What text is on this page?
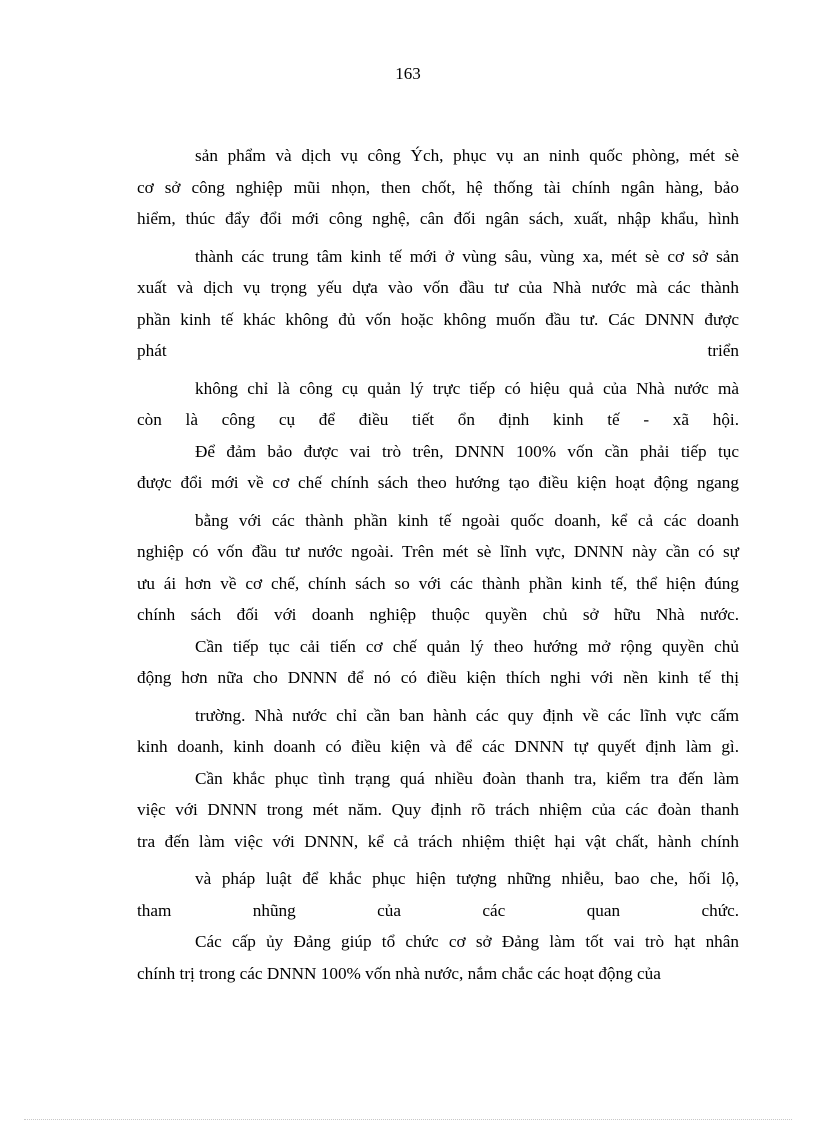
163
sản phẩm và dịch vụ công Ých, phục vụ an ninh quốc phòng, mét sè
cơ sở công nghiệp mũi nhọn, then chốt, hệ thống tài chính ngân hàng, bảo
hiểm, thúc đẩy đổi mới công nghệ, cân đối ngân sách, xuất, nhập khẩu, hình
thành các trung tâm kinh tế mới ở vùng sâu, vùng xa, mét sè cơ sở sản
xuất và dịch vụ trọng yếu dựa vào vốn đầu tư của Nhà nước mà các thành
phần kinh tế khác không đủ vốn hoặc không muốn đầu tư. Các DNNN được
phát triển
không chỉ là công cụ quản lý trực tiếp có hiệu quả của Nhà nước mà
còn là công cụ để điều tiết ổn định kinh tế - xã hội.
Để đảm bảo được vai trò trên, DNNN 100% vốn cần phải tiếp tục
được đổi mới về cơ chế chính sách theo hướng tạo điều kiện hoạt động ngang
bằng với các thành phần kinh tế ngoài quốc doanh, kể cả các doanh
nghiệp có vốn đầu tư nước ngoài. Trên mét sè lĩnh vực, DNNN này cần có sự
ưu ái hơn về cơ chế, chính sách so với các thành phần kinh tế, thể hiện đúng
chính sách đối với doanh nghiệp thuộc quyền chủ sở hữu Nhà nước.
Cần tiếp tục cải tiến cơ chế quản lý theo hướng mở rộng quyền chủ
động hơn nữa cho DNNN để nó có điều kiện thích nghi với nền kinh tế thị
trường. Nhà nước chỉ cần ban hành các quy định về các lĩnh vực cấm
kinh doanh, kinh doanh có điều kiện và để các DNNN tự quyết định làm gì.
Cần khắc phục tình trạng quá nhiều đoàn thanh tra, kiểm tra đến làm
việc với DNNN trong mét năm. Quy định rõ trách nhiệm của các đoàn thanh
tra đến làm việc với DNNN, kể cả trách nhiệm thiệt hại vật chất, hành chính
và pháp luật để khắc phục hiện tượng những nhiễu, bao che, hối lộ,
tham nhũng của các quan chức.
Các cấp ủy Đảng giúp tổ chức cơ sở Đảng làm tốt vai trò hạt nhân
chính trị trong các DNNN 100% vốn nhà nước, nắm chắc các hoạt động của
